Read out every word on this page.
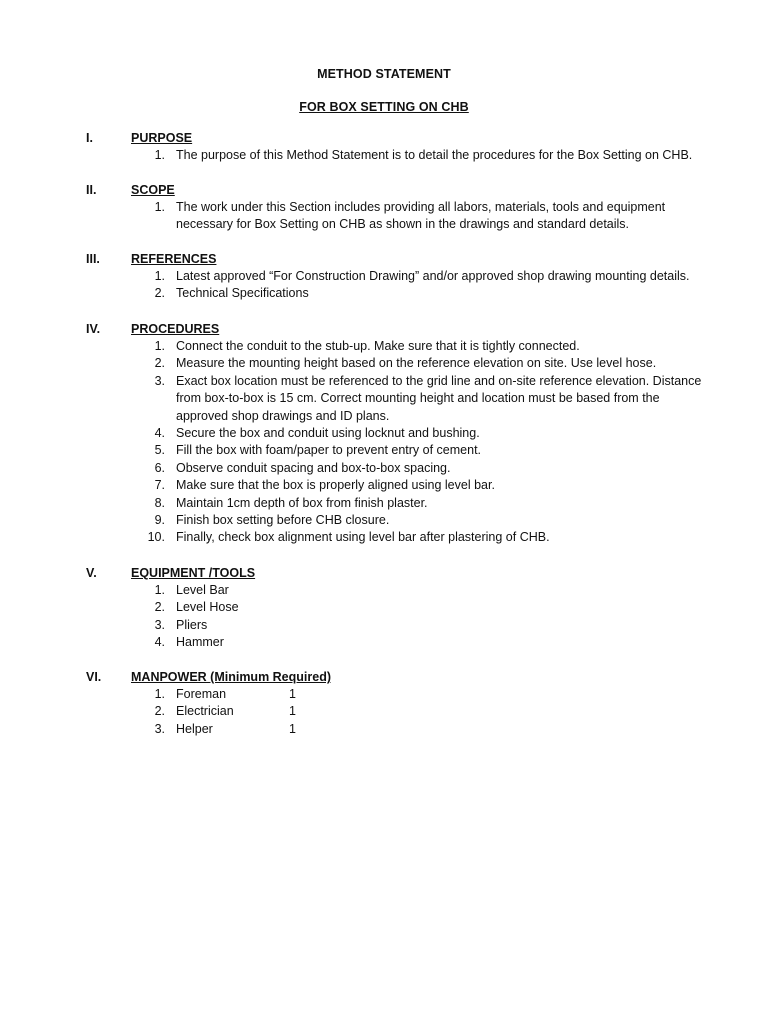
METHOD STATEMENT
FOR BOX SETTING ON CHB
I.	PURPOSE
1. The purpose of this Method Statement is to detail the procedures for the Box Setting on CHB.
II.	SCOPE
1. The work under this Section includes providing all labors, materials, tools and equipment necessary for Box Setting on CHB as shown in the drawings and standard details.
III. REFERENCES
1. Latest approved “For Construction Drawing” and/or approved shop drawing mounting details.
2. Technical Specifications
IV. PROCEDURES
1. Connect the conduit to the stub-up. Make sure that it is tightly connected.
2. Measure the mounting height based on the reference elevation on site. Use level hose.
3. Exact box location must be referenced to the grid line and on-site reference elevation. Distance from box-to-box is 15 cm. Correct mounting height and location must be based from the approved shop drawings and ID plans.
4. Secure the box and conduit using locknut and bushing.
5. Fill the box with foam/paper to prevent entry of cement.
6. Observe conduit spacing and box-to-box spacing.
7. Make sure that the box is properly aligned using level bar.
8. Maintain 1cm depth of box from finish plaster.
9. Finish box setting before CHB closure.
10. Finally, check box alignment using level bar after plastering of CHB.
V.	EQUIPMENT /TOOLS
1. Level Bar
2. Level Hose
3. Pliers
4. Hammer
VI. MANPOWER (Minimum Required)
1. Foreman	1
2. Electrician	1
3. Helper	1
